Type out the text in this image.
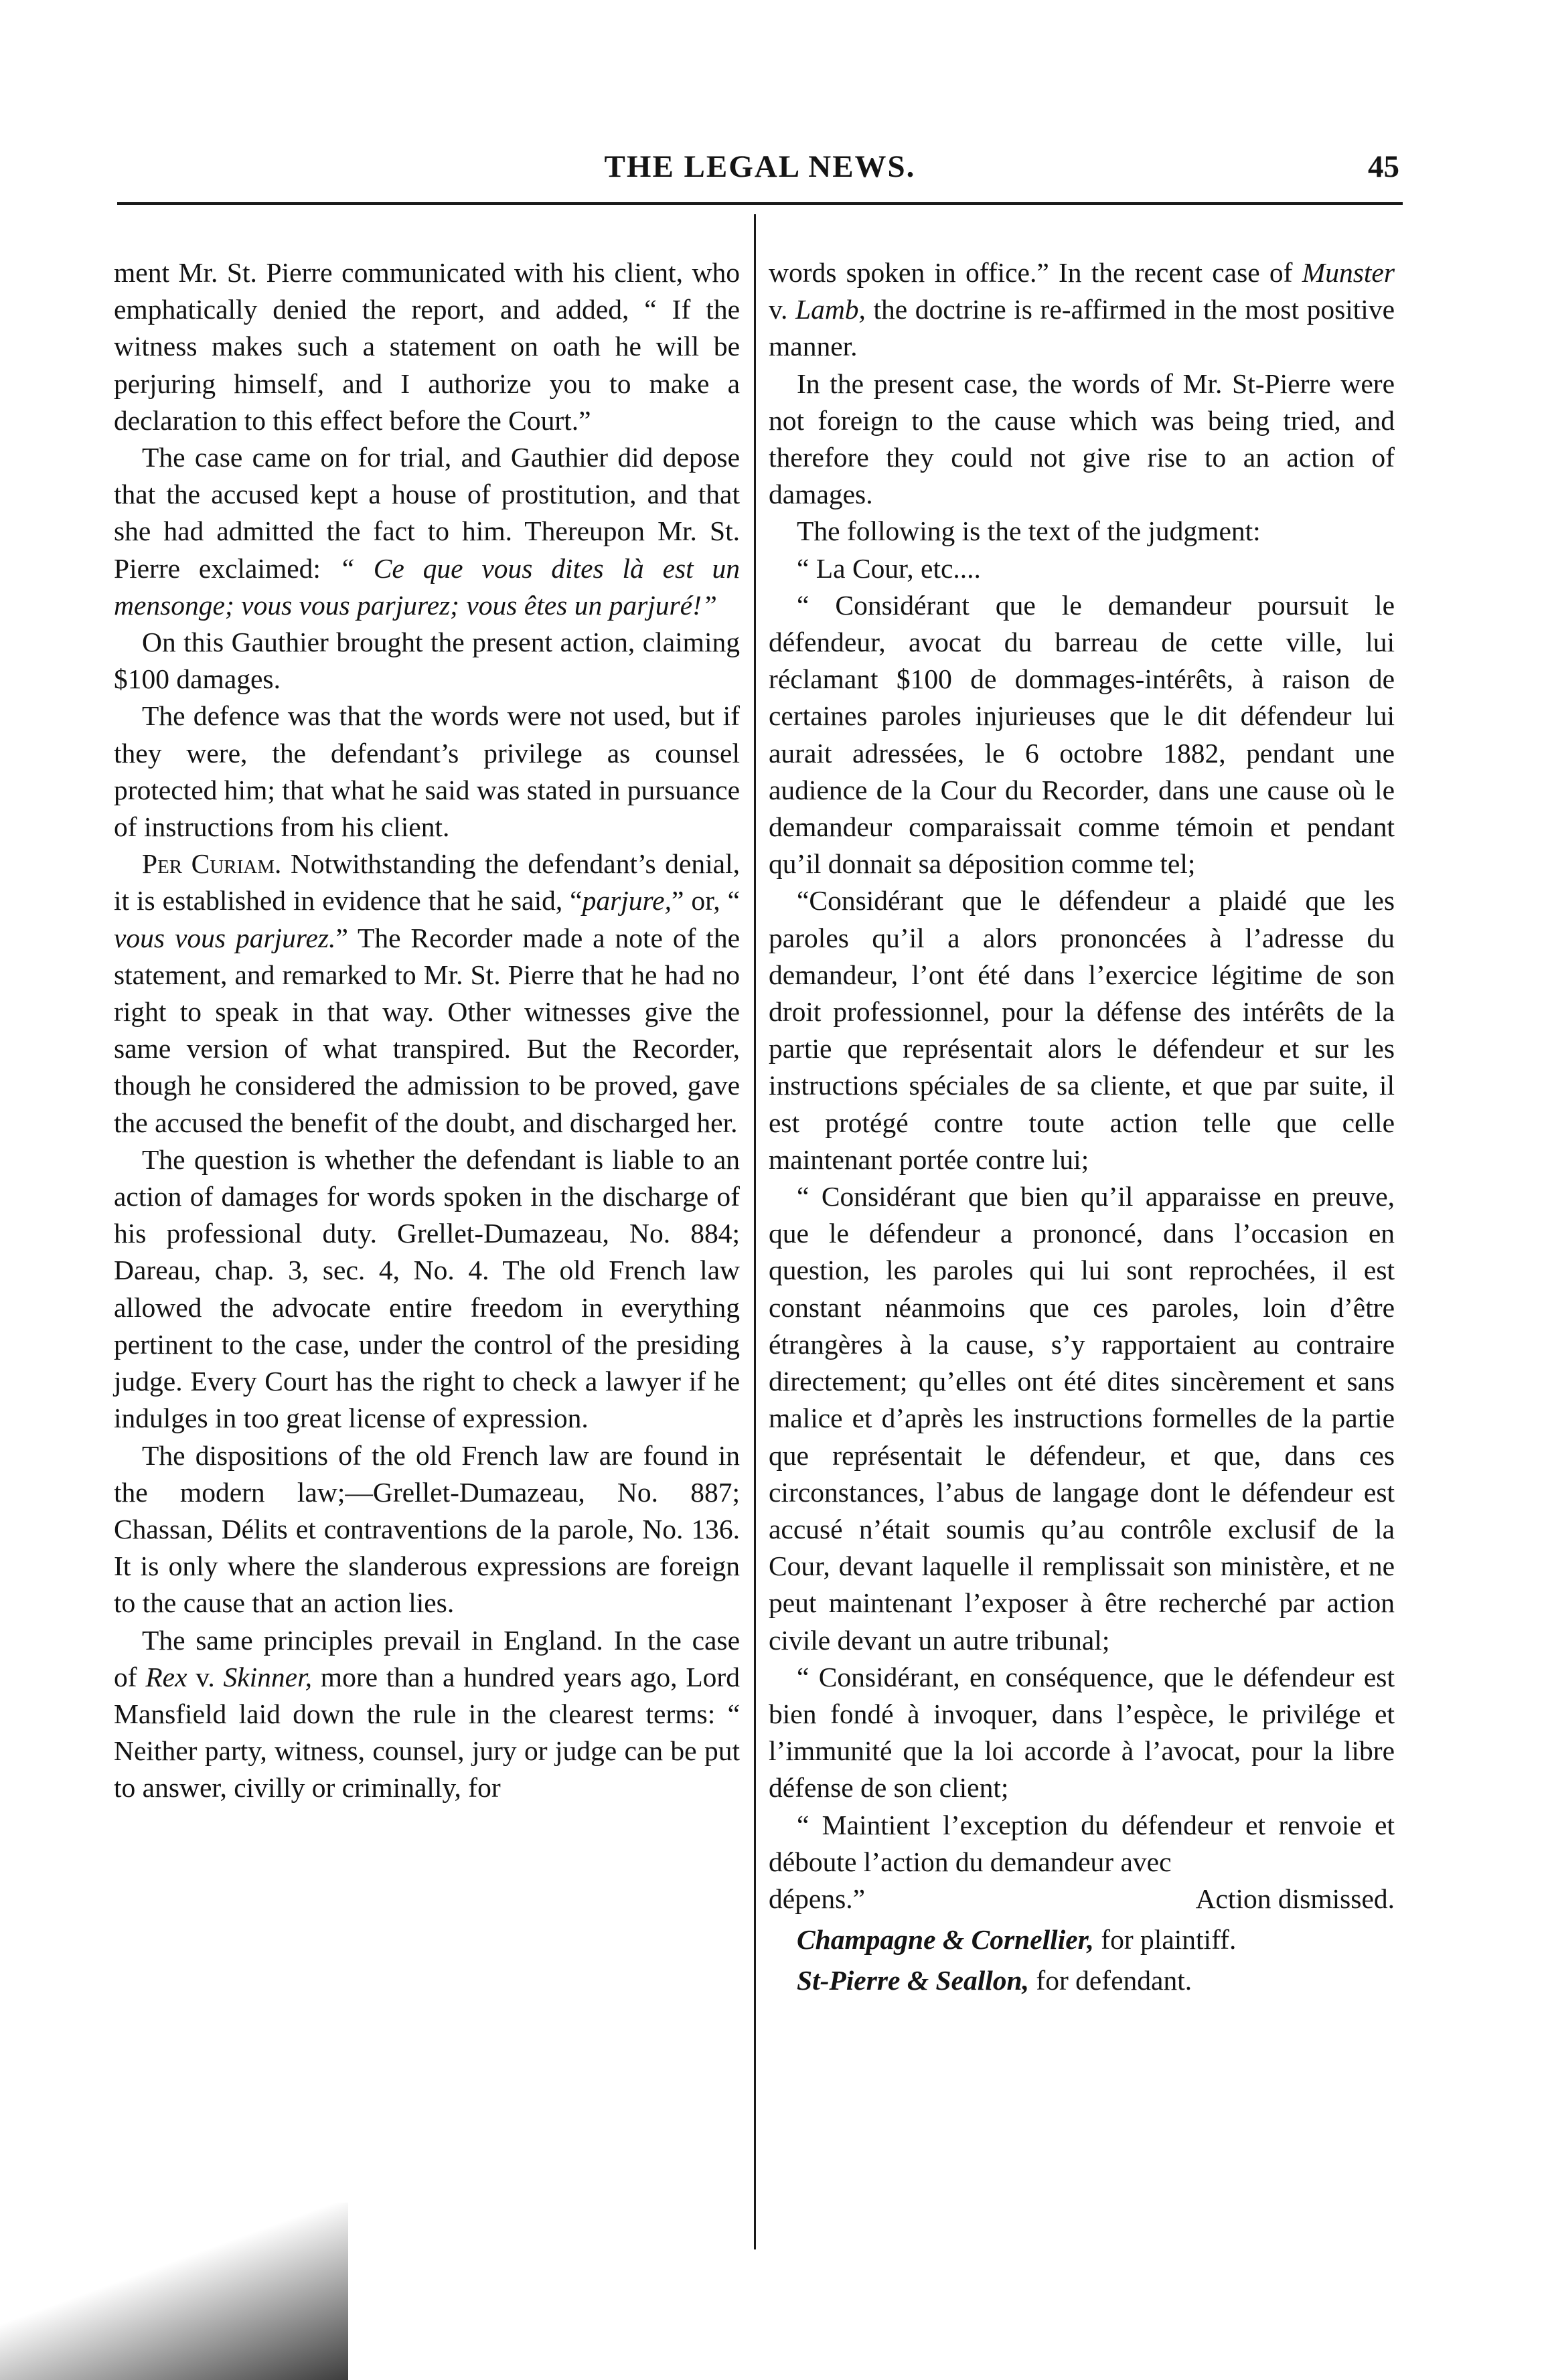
THE LEGAL NEWS.	45

ment Mr. St. Pierre communicated with his client, who emphatically denied the report, and added, “ If the witness makes such a statement on oath he will be perjuring himself, and I authorize you to make a declaration to this effect before the Court.”

The case came on for trial, and Gauthier did depose that the accused kept a house of prostitution, and that she had admitted the fact to him. Thereupon Mr. St. Pierre exclaimed: “ Ce que vous dites là est un mensonge; vous vous parjurez; vous êtes un parjuré!”

On this Gauthier brought the present action, claiming $100 damages.

The defence was that the words were not used, but if they were, the defendant’s privilege as counsel protected him; that what he said was stated in pursuance of instructions from his client.

Per Curiam. Notwithstanding the defendant’s denial, it is established in evidence that he said, “parjure,” or, “ vous vous parjurez.” The Recorder made a note of the statement, and remarked to Mr. St. Pierre that he had no right to speak in that way. Other witnesses give the same version of what transpired. But the Recorder, though he considered the admission to be proved, gave the accused the benefit of the doubt, and discharged her.

The question is whether the defendant is liable to an action of damages for words spoken in the discharge of his professional duty. Grellet-Dumazeau, No. 884; Dareau, chap. 3, sec. 4, No. 4. The old French law allowed the advocate entire freedom in everything pertinent to the case, under the control of the presiding judge. Every Court has the right to check a lawyer if he indulges in too great license of expression.

The dispositions of the old French law are found in the modern law;—Grellet-Dumazeau, No. 887; Chassan, Délits et contraventions de la parole, No. 136. It is only where the slanderous expressions are foreign to the cause that an action lies.

The same principles prevail in England. In the case of Rex v. Skinner, more than a hundred years ago, Lord Mansfield laid down the rule in the clearest terms: “ Neither party, witness, counsel, jury or judge can be put to answer, civilly or criminally, for

words spoken in office.” In the recent case of Munster v. Lamb, the doctrine is re-affirmed in the most positive manner.

In the present case, the words of Mr. St-Pierre were not foreign to the cause which was being tried, and therefore they could not give rise to an action of damages.

The following is the text of the judgment:

“ La Cour, etc....

“ Considérant que le demandeur poursuit le défendeur, avocat du barreau de cette ville, lui réclamant $100 de dommages-intérêts, à raison de certaines paroles injurieuses que le dit défendeur lui aurait adressées, le 6 octobre 1882, pendant une audience de la Cour du Recorder, dans une cause où le demandeur comparaissait comme témoin et pendant qu’il donnait sa déposition comme tel;

“Considérant que le défendeur a plaidé que les paroles qu’il a alors prononcées à l’adresse du demandeur, l’ont été dans l’exercice légitime de son droit professionnel, pour la défense des intérêts de la partie que représentait alors le défendeur et sur les instructions spéciales de sa cliente, et que par suite, il est protégé contre toute action telle que celle maintenant portée contre lui;

“ Considérant que bien qu’il apparaisse en preuve, que le défendeur a prononcé, dans l’occasion en question, les paroles qui lui sont reprochées, il est constant néanmoins que ces paroles, loin d’être étrangères à la cause, s’y rapportaient au contraire directement; qu’elles ont été dites sincèrement et sans malice et d’après les instructions formelles de la partie que représentait le défendeur, et que, dans ces circonstances, l’abus de langage dont le défendeur est accusé n’était soumis qu’au contrôle exclusif de la Cour, devant laquelle il remplissait son ministère, et ne peut maintenant l’exposer à être recherché par action civile devant un autre tribunal;

“ Considérant, en conséquence, que le défendeur est bien fondé à invoquer, dans l’espèce, le privilége et l’immunité que la loi accorde à l’avocat, pour la libre défense de son client;

“ Maintient l’exception du défendeur et renvoie et déboute l’action du demandeur avec

dépens.”	Action dismissed.

Champagne & Cornellier, for plaintiff.

St-Pierre & Seallon, for defendant.
